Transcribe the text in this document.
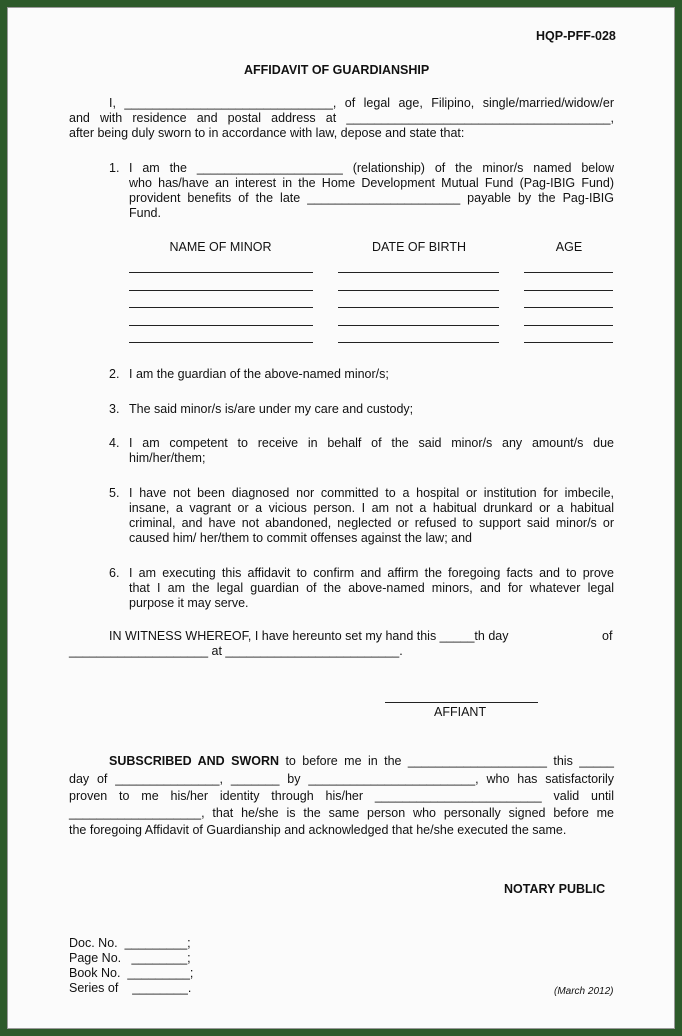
HQP-PFF-028
AFFIDAVIT OF GUARDIANSHIP
I, ______________________________, of legal age, Filipino, single/married/widow/er
and with residence and postal address at ______________________________________,
after being duly sworn to in accordance with law, depose and state that:
1. I am the _____________________ (relationship) of the minor/s named below
who has/have an interest in the Home Development Mutual Fund (Pag-IBIG Fund)
provident benefits of the late ______________________ payable by the Pag-IBIG
Fund.
NAME OF MINOR	DATE OF BIRTH	AGE
2. I am the guardian of the above-named minor/s;
3. The said minor/s is/are under my care and custody;
4. I am competent to receive in behalf of the said minor/s any amount/s due
him/her/them;
5. I have not been diagnosed nor committed to a hospital or institution for imbecile,
insane, a vagrant or a vicious person. I am not a habitual drunkard or a habitual
criminal, and have not abandoned, neglected or refused to support said minor/s or
caused him/ her/them to commit offenses against the law; and
6. I am executing this affidavit to confirm and affirm the foregoing facts and to prove
that I am the legal guardian of the above-named minors, and for whatever legal
purpose it may serve.
IN WITNESS WHEREOF, I have hereunto set my hand this _____th day	of
____________________ at _________________________.
AFFIANT
SUBSCRIBED AND SWORN to before me in the ____________________ this _____
day of _______________, _______ by ________________________, who has satisfactorily
proven to me his/her identity through his/her ________________________ valid until
___________________, that he/she is the same person who personally signed before me
the foregoing Affidavit of Guardianship and acknowledged that he/she executed the same.
NOTARY PUBLIC
Doc. No.  _________;
Page No.   ________;
Book No.  _________;
Series of    ________.	(March 2012)
